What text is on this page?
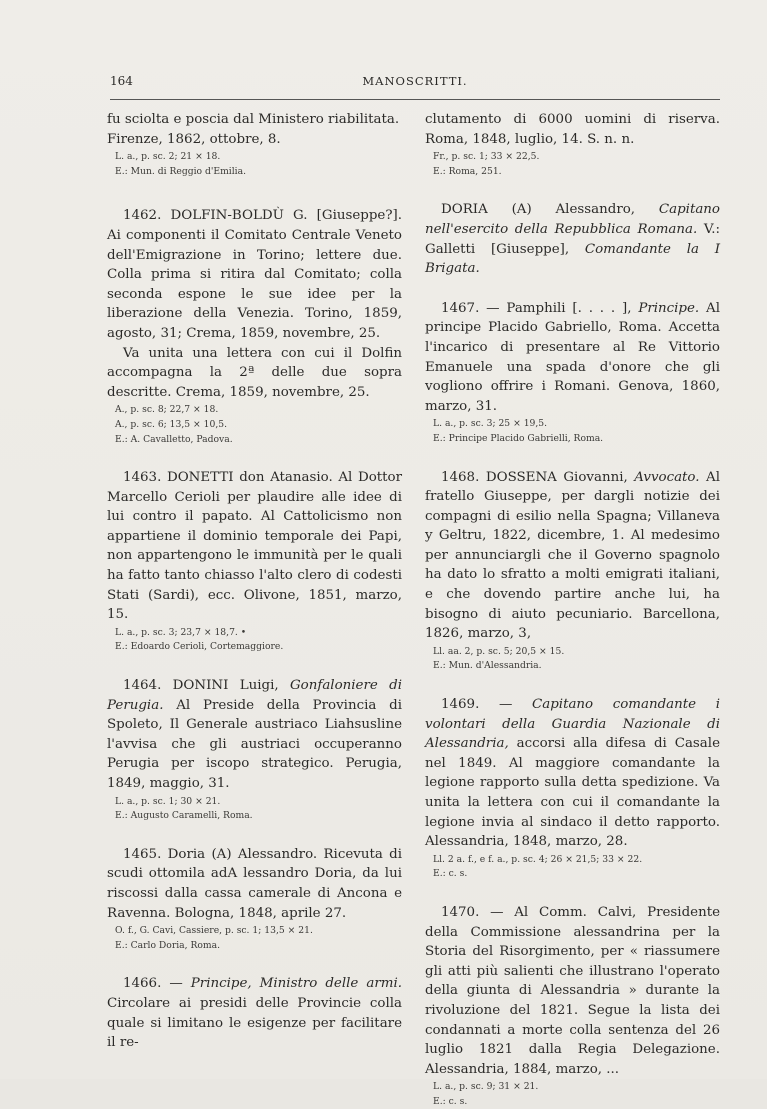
164	MANOSCRITTI.

fu sciolta e poscia dal Ministero riabilitata.

Firenze, 1862, ottobre, 8.

L. a., p. sc. 2; 21 × 18.
E.: Mun. di Reggio d'Emilia.

1462. DOLFIN-BOLDÙ G. [Giuseppe?]. Ai componenti il Comitato Centrale Veneto dell'Emigrazione in Torino; lettere due. Colla prima si ritira dal Comitato; colla seconda espone le sue idee per la liberazione della Venezia. Torino, 1859, agosto, 31; Crema, 1859, novembre, 25.

Va unita una lettera con cui il Dolfin accompagna la 2ª delle due sopra descritte. Crema, 1859, novembre, 25.

A., p. sc. 8; 22,7 × 18.
A., p. sc. 6; 13,5 × 10,5.
E.: A. Cavalletto, Padova.

1463. DONETTI don Atanasio. Al Dottor Marcello Cerioli per plaudire alle idee di lui contro il papato. Al Cattolicismo non appartiene il dominio temporale dei Papi, non appartengono le immunità per le quali ha fatto tanto chiasso l'alto clero di codesti Stati (Sardi), ecc. Olivone, 1851, marzo, 15.

L. a., p. sc. 3; 23,7 × 18,7. •
E.: Edoardo Cerioli, Cortemaggiore.

1464. DONINI Luigi, Gonfaloniere di Perugia. Al Preside della Provincia di Spoleto, Il Generale austriaco Liahsusline l'avvisa che gli austriaci occuperanno Perugia per iscopo strategico. Perugia, 1849, maggio, 31.

L. a., p. sc. 1; 30 × 21.
E.: Augusto Caramelli, Roma.

1465. Doria (A) Alessandro. Ricevuta di scudi ottomila adA lessandro Doria, da lui riscossi dalla cassa camerale di Ancona e Ravenna. Bologna, 1848, aprile 27.

O. f., G. Cavi, Cassiere, p. sc. 1; 13,5 × 21.
E.: Carlo Doria, Roma.

1466. — Principe, Ministro delle armi. Circolare ai presidi delle Provincie colla quale si limitano le esigenze per facilitare il re-

clutamento di 6000 uomini di riserva. Roma, 1848, luglio, 14. S. n. n.

Fr., p. sc. 1; 33 × 22,5.
E.: Roma, 251.

DORIA (A) Alessandro, Capitano nell'esercito della Repubblica Romana. V.: Galletti [Giuseppe], Comandante la I Brigata.

1467. — Pamphili [. . . . ], Principe. Al principe Placido Gabriello, Roma. Accetta l'incarico di presentare al Re Vittorio Emanuele una spada d'onore che gli vogliono offrire i Romani. Genova, 1860, marzo, 31.

L. a., p. sc. 3; 25 × 19,5.
E.: Principe Placido Gabrielli, Roma.

1468. DOSSENA Giovanni, Avvocato. Al fratello Giuseppe, per dargli notizie dei compagni di esilio nella Spagna; Villaneva y Geltru, 1822, dicembre, 1. Al medesimo per annunciargli che il Governo spagnolo ha dato lo sfratto a molti emigrati italiani, e che dovendo partire anche lui, ha bisogno di aiuto pecuniario. Barcellona, 1826, marzo, 3,

Ll. aa. 2, p. sc. 5; 20,5 × 15.
E.: Mun. d'Alessandria.

1469. — Capitano comandante i volontari della Guardia Nazionale di Alessandria, accorsi alla difesa di Casale nel 1849. Al maggiore comandante la legione rapporto sulla detta spedizione. Va unita la lettera con cui il comandante la legione invia al sindaco il detto rapporto. Alessandria, 1848, marzo, 28.

Ll. 2 a. f., e f. a., p. sc. 4; 26 × 21,5; 33 × 22.
E.: c. s.

1470. — Al Comm. Calvi, Presidente della Commissione alessandrina per la Storia del Risorgimento, per « riassumere gli atti più salienti che illustrano l'operato della giunta di Alessandria » durante la rivoluzione del 1821. Segue la lista dei condannati a morte colla sentenza del 26 luglio 1821 dalla Regia Delegazione. Alessandria, 1884, marzo, ...

L. a., p. sc. 9; 31 × 21.
E.: c. s.
